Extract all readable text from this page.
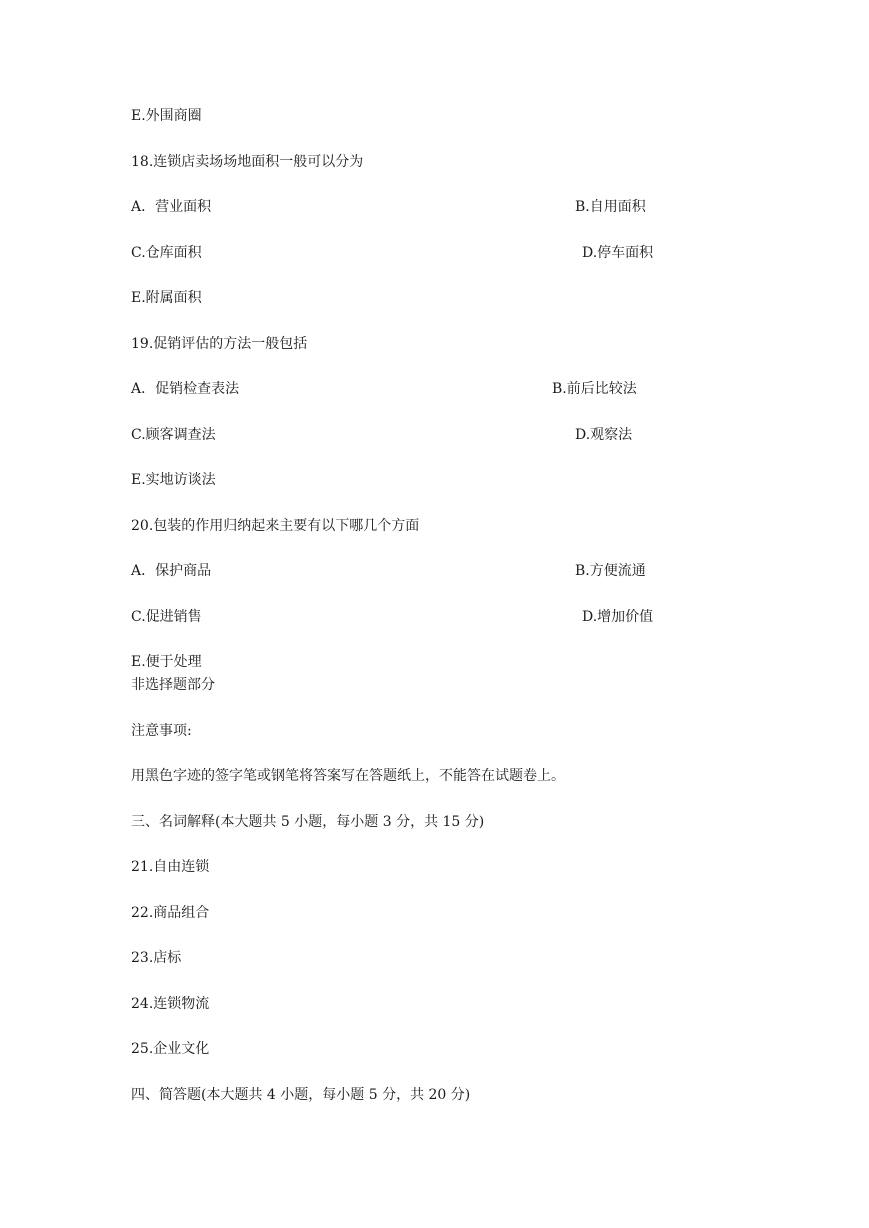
E.外围商圈
18.连锁店卖场场地面积一般可以分为
A．营业面积	B.自用面积
C.仓库面积	D.停车面积
E.附属面积
19.促销评估的方法一般包括
A．促销检查表法	B.前后比较法
C.顾客调查法	D.观察法
E.实地访谈法
20.包装的作用归纳起来主要有以下哪几个方面
A．保护商品	B.方便流通
C.促进销售	D.增加价值
E.便于处理
非选择题部分
注意事项:
用黑色字迹的签字笔或钢笔将答案写在答题纸上，不能答在试题卷上。
三、名词解释(本大题共 5 小题，每小题 3 分，共 15 分)
21.自由连锁
22.商品组合
23.店标
24.连锁物流
25.企业文化
四、简答题(本大题共 4 小题，每小题 5 分，共 20 分)
